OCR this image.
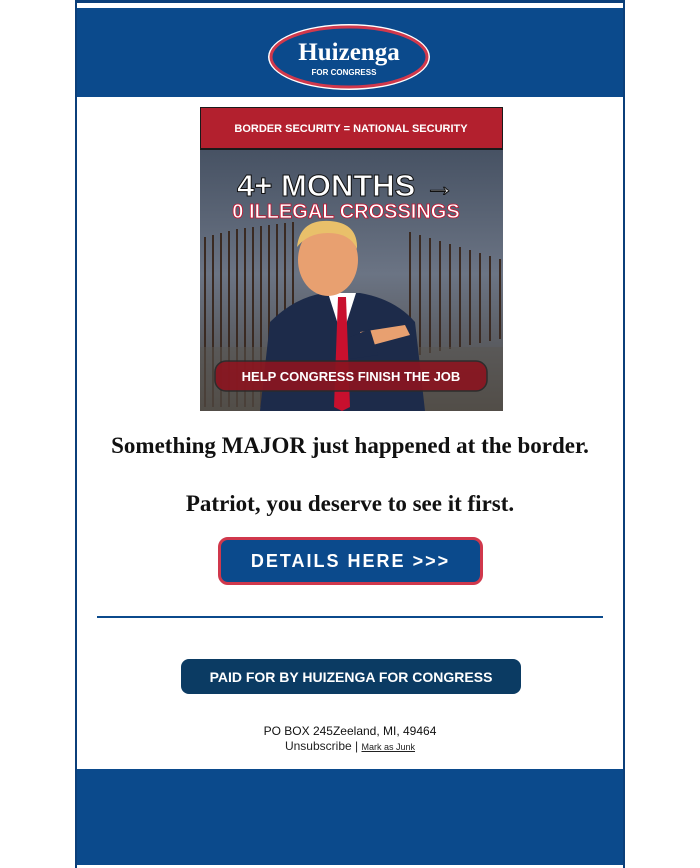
Huizenga
FOR CONGRESS
BORDER SECURITY = NATIONAL SECURITY
4+ MONTHS →
0 ILLEGAL CROSSINGS
HELP CONGRESS FINISH THE JOB
Something MAJOR just happened at the border.
Patriot, you deserve to see it first.
DETAILS HERE >>>
PAID FOR BY HUIZENGA FOR CONGRESS
PO BOX 245Zeeland, MI, 49464
Unsubscribe | Mark as Junk
